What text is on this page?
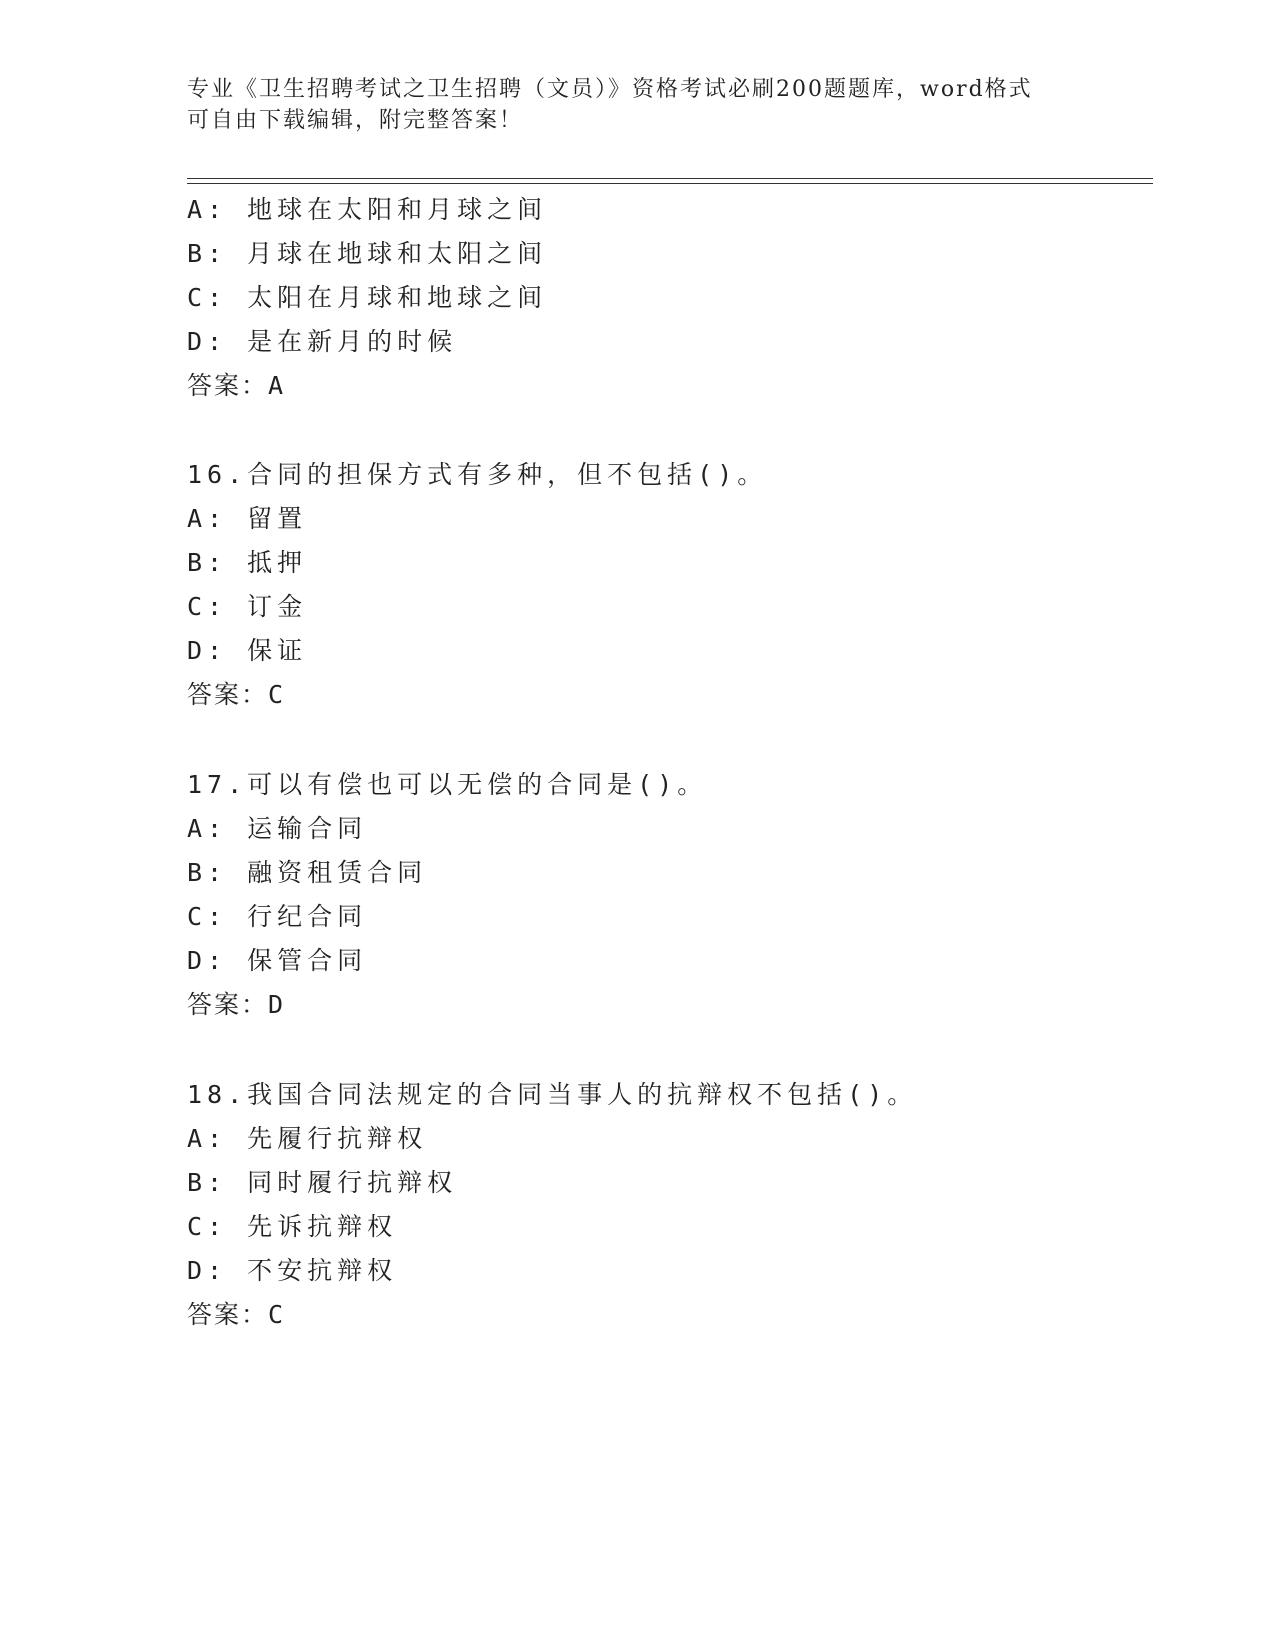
专业《卫生招聘考试之卫生招聘（文员）》资格考试必刷200题题库，word格式
可自由下载编辑，附完整答案！
A: 地球在太阳和月球之间
B: 月球在地球和太阳之间
C: 太阳在月球和地球之间
D: 是在新月的时候
答案：A
16.合同的担保方式有多种，但不包括()。
A: 留置
B: 抵押
C: 订金
D: 保证
答案：C
17.可以有偿也可以无偿的合同是()。
A: 运输合同
B: 融资租赁合同
C: 行纪合同
D: 保管合同
答案：D
18.我国合同法规定的合同当事人的抗辩权不包括()。
A: 先履行抗辩权
B: 同时履行抗辩权
C: 先诉抗辩权
D: 不安抗辩权
答案：C
